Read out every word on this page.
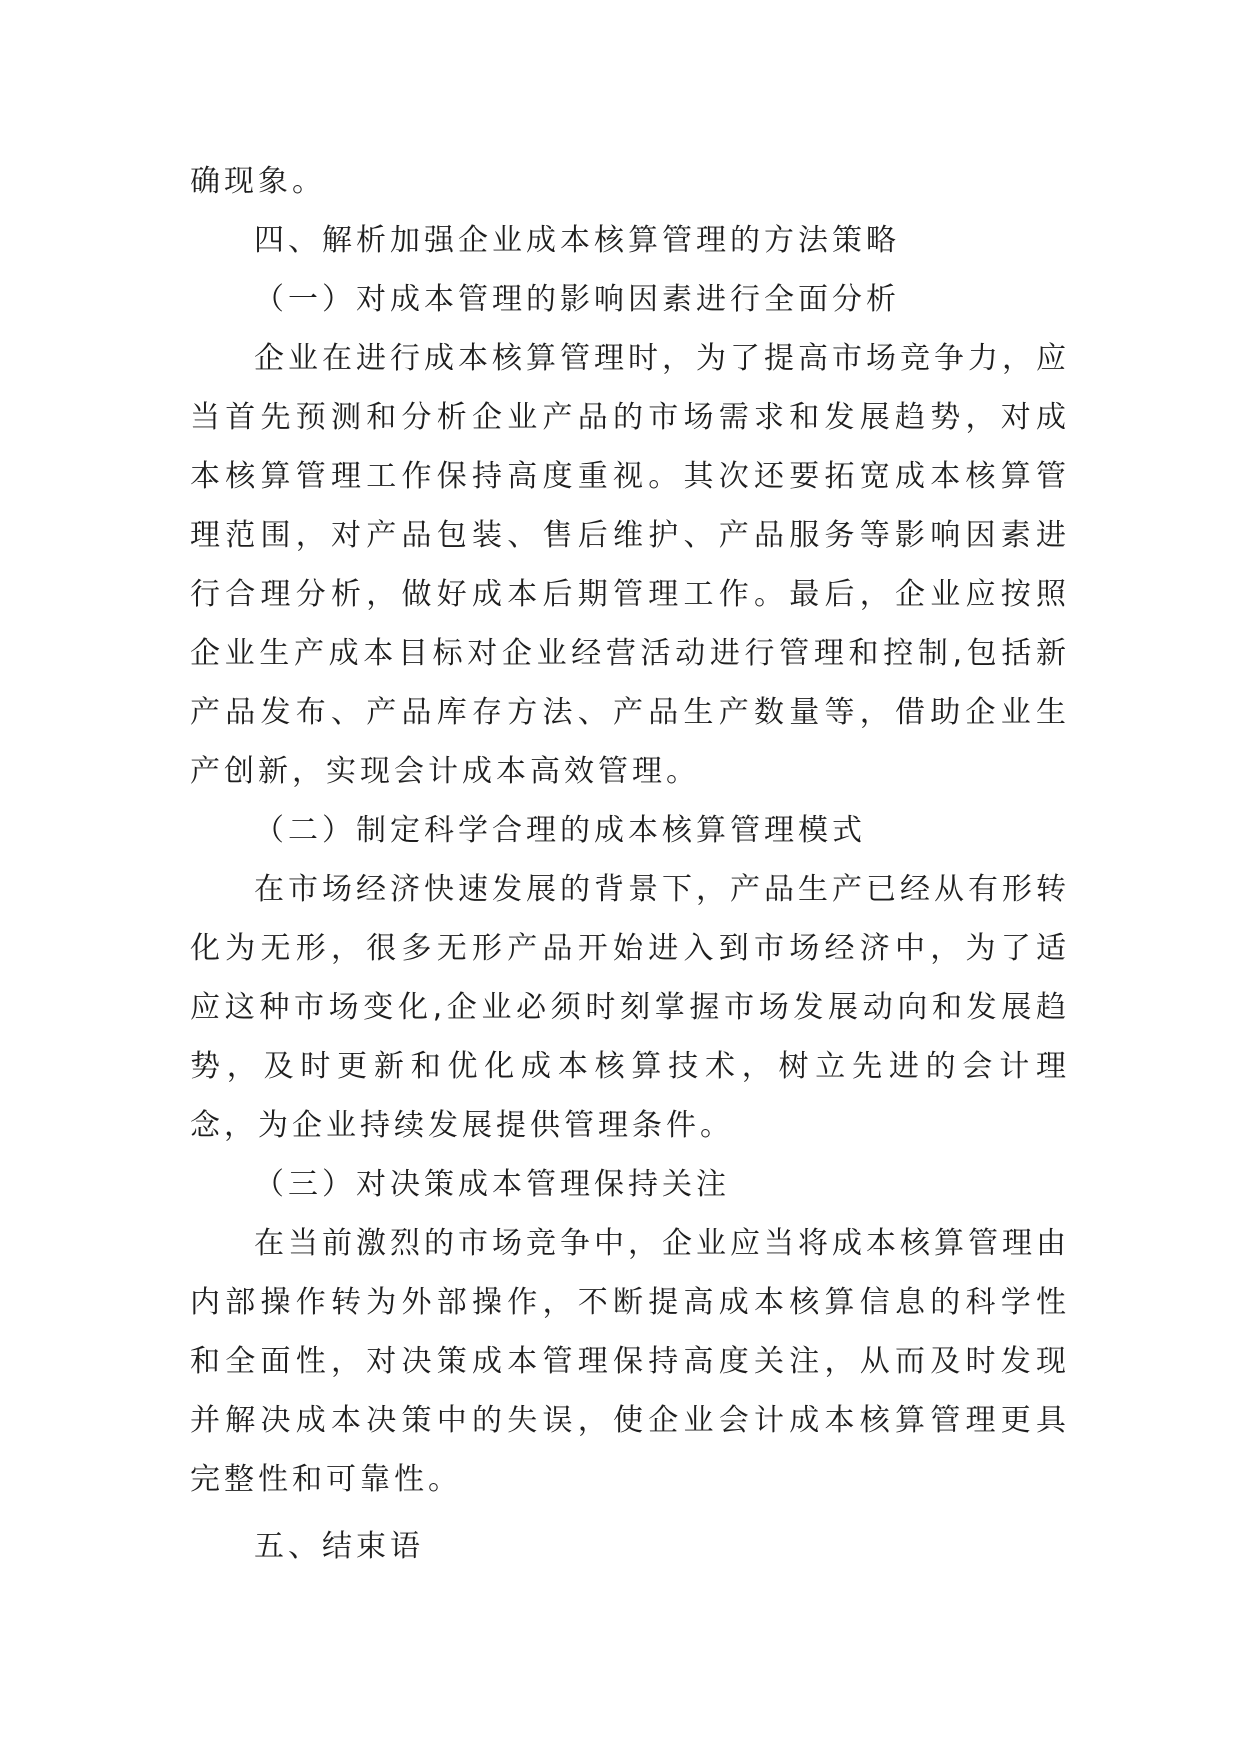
确现象。

四、解析加强企业成本核算管理的方法策略

（一）对成本管理的影响因素进行全面分析

企业在进行成本核算管理时，为了提高市场竞争力，应当首先预测和分析企业产品的市场需求和发展趋势，对成本核算管理工作保持高度重视。其次还要拓宽成本核算管理范围，对产品包装、售后维护、产品服务等影响因素进行合理分析，做好成本后期管理工作。最后，企业应按照企业生产成本目标对企业经营活动进行管理和控制,包括新产品发布、产品库存方法、产品生产数量等，借助企业生产创新，实现会计成本高效管理。

（二）制定科学合理的成本核算管理模式

在市场经济快速发展的背景下，产品生产已经从有形转化为无形，很多无形产品开始进入到市场经济中，为了适应这种市场变化,企业必须时刻掌握市场发展动向和发展趋势，及时更新和优化成本核算技术，树立先进的会计理念，为企业持续发展提供管理条件。

（三）对决策成本管理保持关注

在当前激烈的市场竞争中，企业应当将成本核算管理由内部操作转为外部操作，不断提高成本核算信息的科学性和全面性，对决策成本管理保持高度关注，从而及时发现并解决成本决策中的失误，使企业会计成本核算管理更具完整性和可靠性。

五、结束语
